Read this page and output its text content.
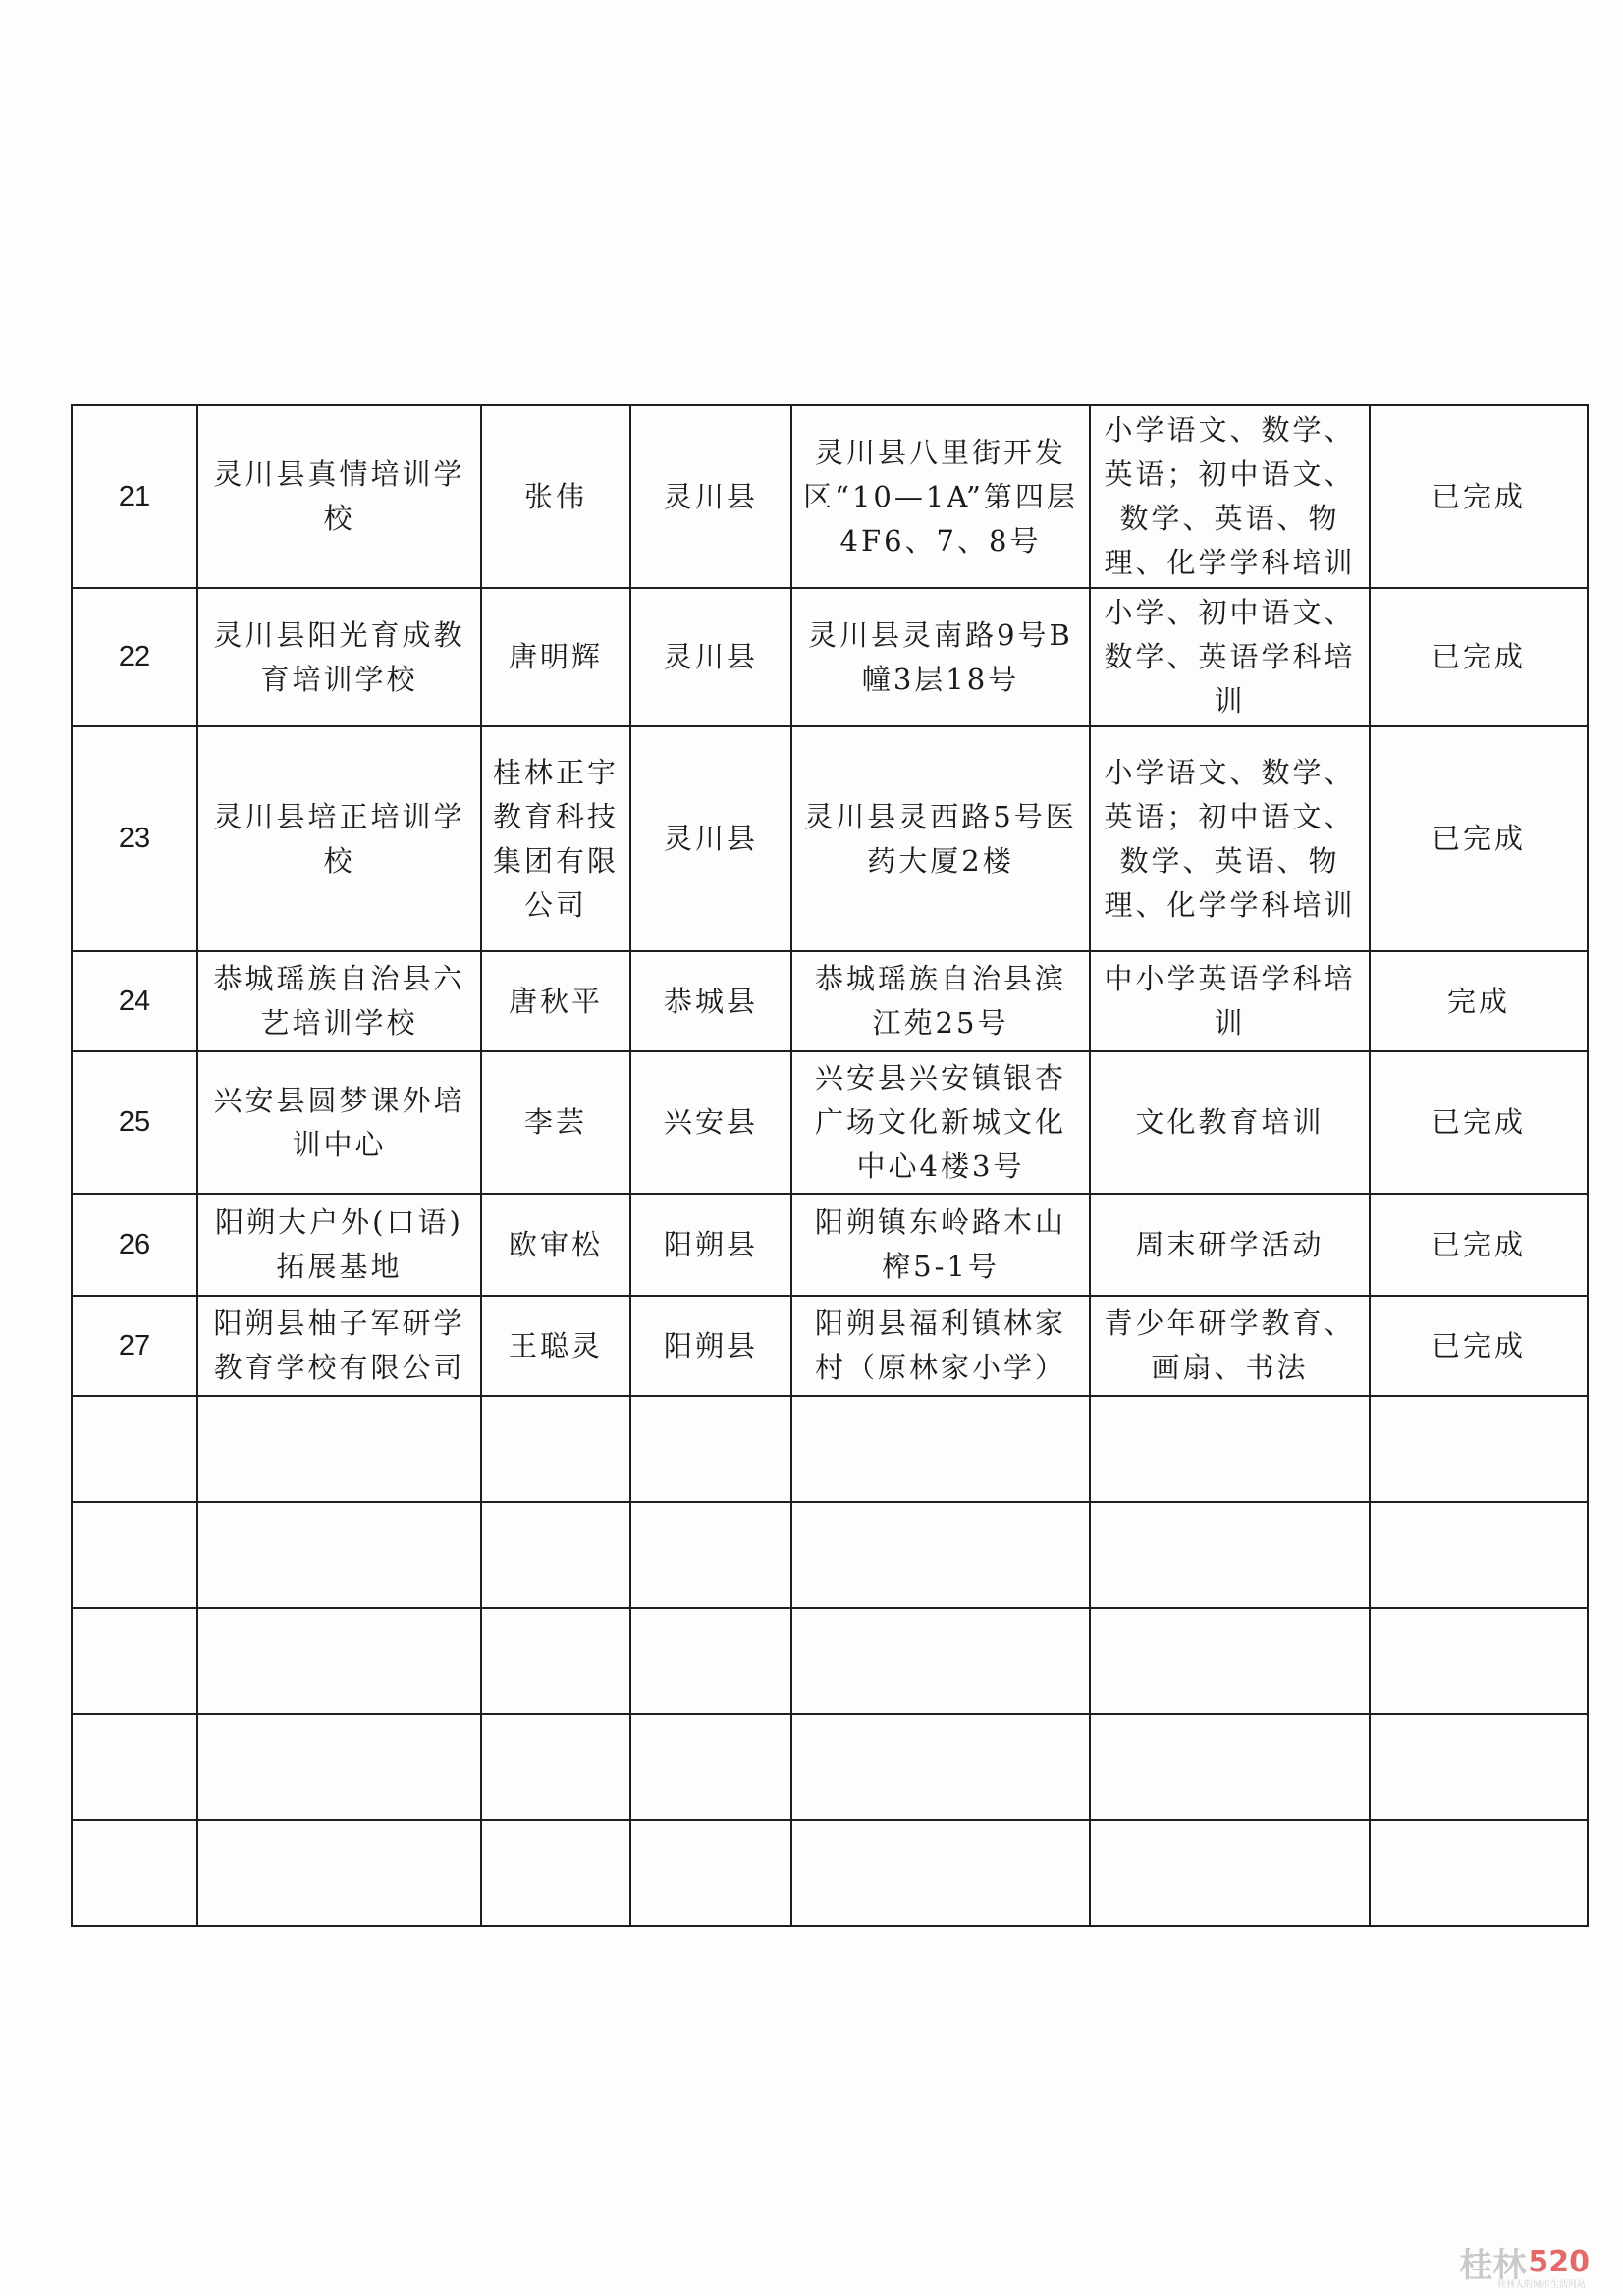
21	灵川县真情培训学校	张伟	灵川县	灵川县八里街开发区“10—1A”第四层4F6、7、8号	小学语文、数学、英语；初中语文、数学、英语、物理、化学学科培训	已完成
22	灵川县阳光育成教育培训学校	唐明辉	灵川县	灵川县灵南路9号B幢3层18号	小学、初中语文、数学、英语学科培训	已完成
23	灵川县培正培训学校	桂林正宇教育科技集团有限公司	灵川县	灵川县灵西路5号医药大厦2楼	小学语文、数学、英语；初中语文、数学、英语、物理、化学学科培训	已完成
24	恭城瑶族自治县六艺培训学校	唐秋平	恭城县	恭城瑶族自治县滨江苑25号	中小学英语学科培训	完成
25	兴安县圆梦课外培训中心	李芸	兴安县	兴安县兴安镇银杏广场文化新城文化中心4楼3号	文化教育培训	已完成
26	阳朔大户外(口语)拓展基地	欧审松	阳朔县	阳朔镇东岭路木山榨5-1号	周末研学活动	已完成
27	阳朔县柚子军研学教育学校有限公司	王聪灵	阳朔县	阳朔县福利镇林家村（原林家小学）	青少年研学教育、画扇、书法	已完成

桂林 520
桂林人的城市生活网站
